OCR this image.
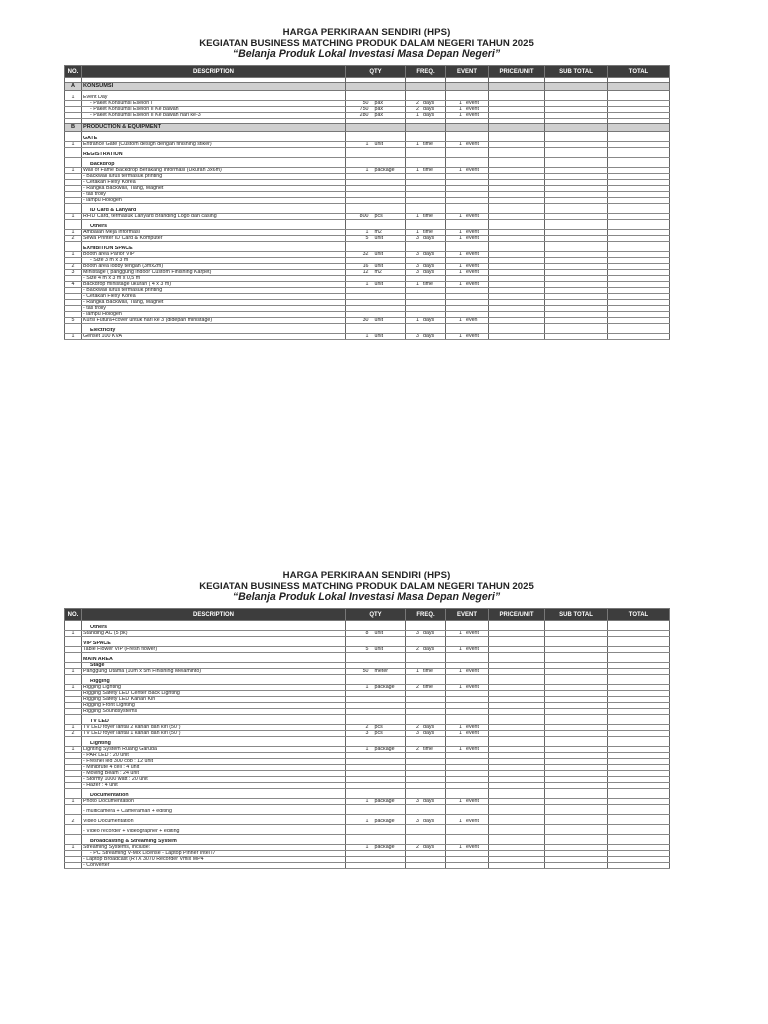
HARGA PERKIRAAN SENDIRI (HPS)
KEGIATAN BUSINESS MATCHING PRODUK DALAM NEGERI TAHUN 2025
“Belanja Produk Lokal Investasi Masa Depan Negeri”
NO.	DESCRIPTION	QTY	FREQ.	EVENT	PRICE/UNIT	SUB TOTAL	TOTAL

A	KONSUMSI						

1	Event Day						
	- Paket Konsumsi Eselon I	50 pax	2 days	1 event			
	- Paket Konsumsi Eselon II Ke bawah	750 pax	2 days	1 event			
	- Paket Konsumsi Eselon II Ke bawah hari ke-3	280 pax	1 days	1 event			

B	PRODUCTION & EQUIPMENT						

	GATE						
1	Entrance Gate (Custom design dengan finishing stiker)	1 unit	1 time	1 event			

	REGISTRATION						

	Backdrop						
1	Wall of Fame Backdrop Berakang Informasi (Ukuran 3x6m)	1 package	1 time	1 event			
	- Backwall lurus termasuk printing						
	- Cetakan Flexy Korea						
	- Rangka Backwall, Tiang, Magnet						
	- tas trolly						
	- lampu Hologen						

	ID Card & Lanyard						
1	RFID Card, termasuk Lanyard Branding Logo dan casing	800 pcs	1 time	1 event			

	Others						
1	Ambalan Meja informasi	1 m2	1 time	1 event			
2	Sewa Printer ID Card & Komputer	5 unit	3 days	1 event			

	EXHIBITION SPACE						
1	Booth area Parlor VIP	32 unit	3 days	1 event			
	- Size 3 m x 3 m						
2	Booth area lobby tengah (3mx2m)	16 unit	3 days	1 event			
3	Ministage ( panggung indoor Custom Finishing Karpet)	12 m2	3 days	1 event			
	- Size 4 m x 3 m x 0,5 m						
4	Backdrop ministage ukuran ( 4 x 3 m)	1 unit	1 time	1 event			
	- Backwall lurus termasuk printing						
	- Cetakan Flexy Korea						
	- Rangka Backwall, Tiang, Magnet						
	- tas trolly						
	- lampu Hologen						
5	Kursi Futura+cover untuk hari ke 3 (didepan ministage)	30 unit	1 days	1 even			

	Electricity						
1	Genset 100 KVA	1 unit	3 days	1 event			
HARGA PERKIRAAN SENDIRI (HPS)
KEGIATAN BUSINESS MATCHING PRODUK DALAM NEGERI TAHUN 2025
“Belanja Produk Lokal Investasi Masa Depan Negeri”
NO.	DESCRIPTION	QTY	FREQ.	EVENT	PRICE/UNIT	SUB TOTAL	TOTAL

	Others						
1	Standing AC (5 pk)	8 unit	3 days	1 event			

	VIP SPACE						
	Table Flower VIP (Fresh flower)	5 unit	2 days	1 event			

	MAIN AREA						
	Stage						
1	Panggung Utama (10m x 5m Finishing Melaminto)	50 meter	1 time	1 event			

	Rigging						
1	Rigging Lighting	1 package	2 time	1 event			
	Rigging Safety LED Center Back Lighting						
	Rigging Safety LED Kanan Kiri						
	Rigging Front Lighting						
	Rigging Soundsystems						

	TV LED						
1	TV LED foyer lantai 2 kanan dan kiri (50")	2 pcs	2 days	1 event			
2	TV LED foyer lantai 1 kanan dan kiri (50")	3 pcs	3 days	1 event			

	Lighting						
1	Lighting System Ruang Garuda	1 package	2 time	1 event			
	- PAR LED : 20 unit						
	- Fresnel led 300 cob : 12 unit						
	- Minibrute 4 cell : 4 unit						
	- Moving Beam : 24 unit						
	- Stormy 1000 watt : 20 unit						
	- Hazer : 4 unit						

	Documentation						
1	Photo Documentation	1 package	3 days	1 event			

	- multicamera + Cameraman + editing						

2	Video Documentation	1 package	3 days	1 event			

	- Video recorder + videographer + editing						

	Broadcasting & Streaming System						
1	Streaming Systems, include:	1 package	2 days	1 event			
	- PC Streaming V-Mix License - Laptop Pinner Intel i7						
	- Laptop Broadcast (RTX 3070 Recorder Vmix MP4						
	- Converter						
